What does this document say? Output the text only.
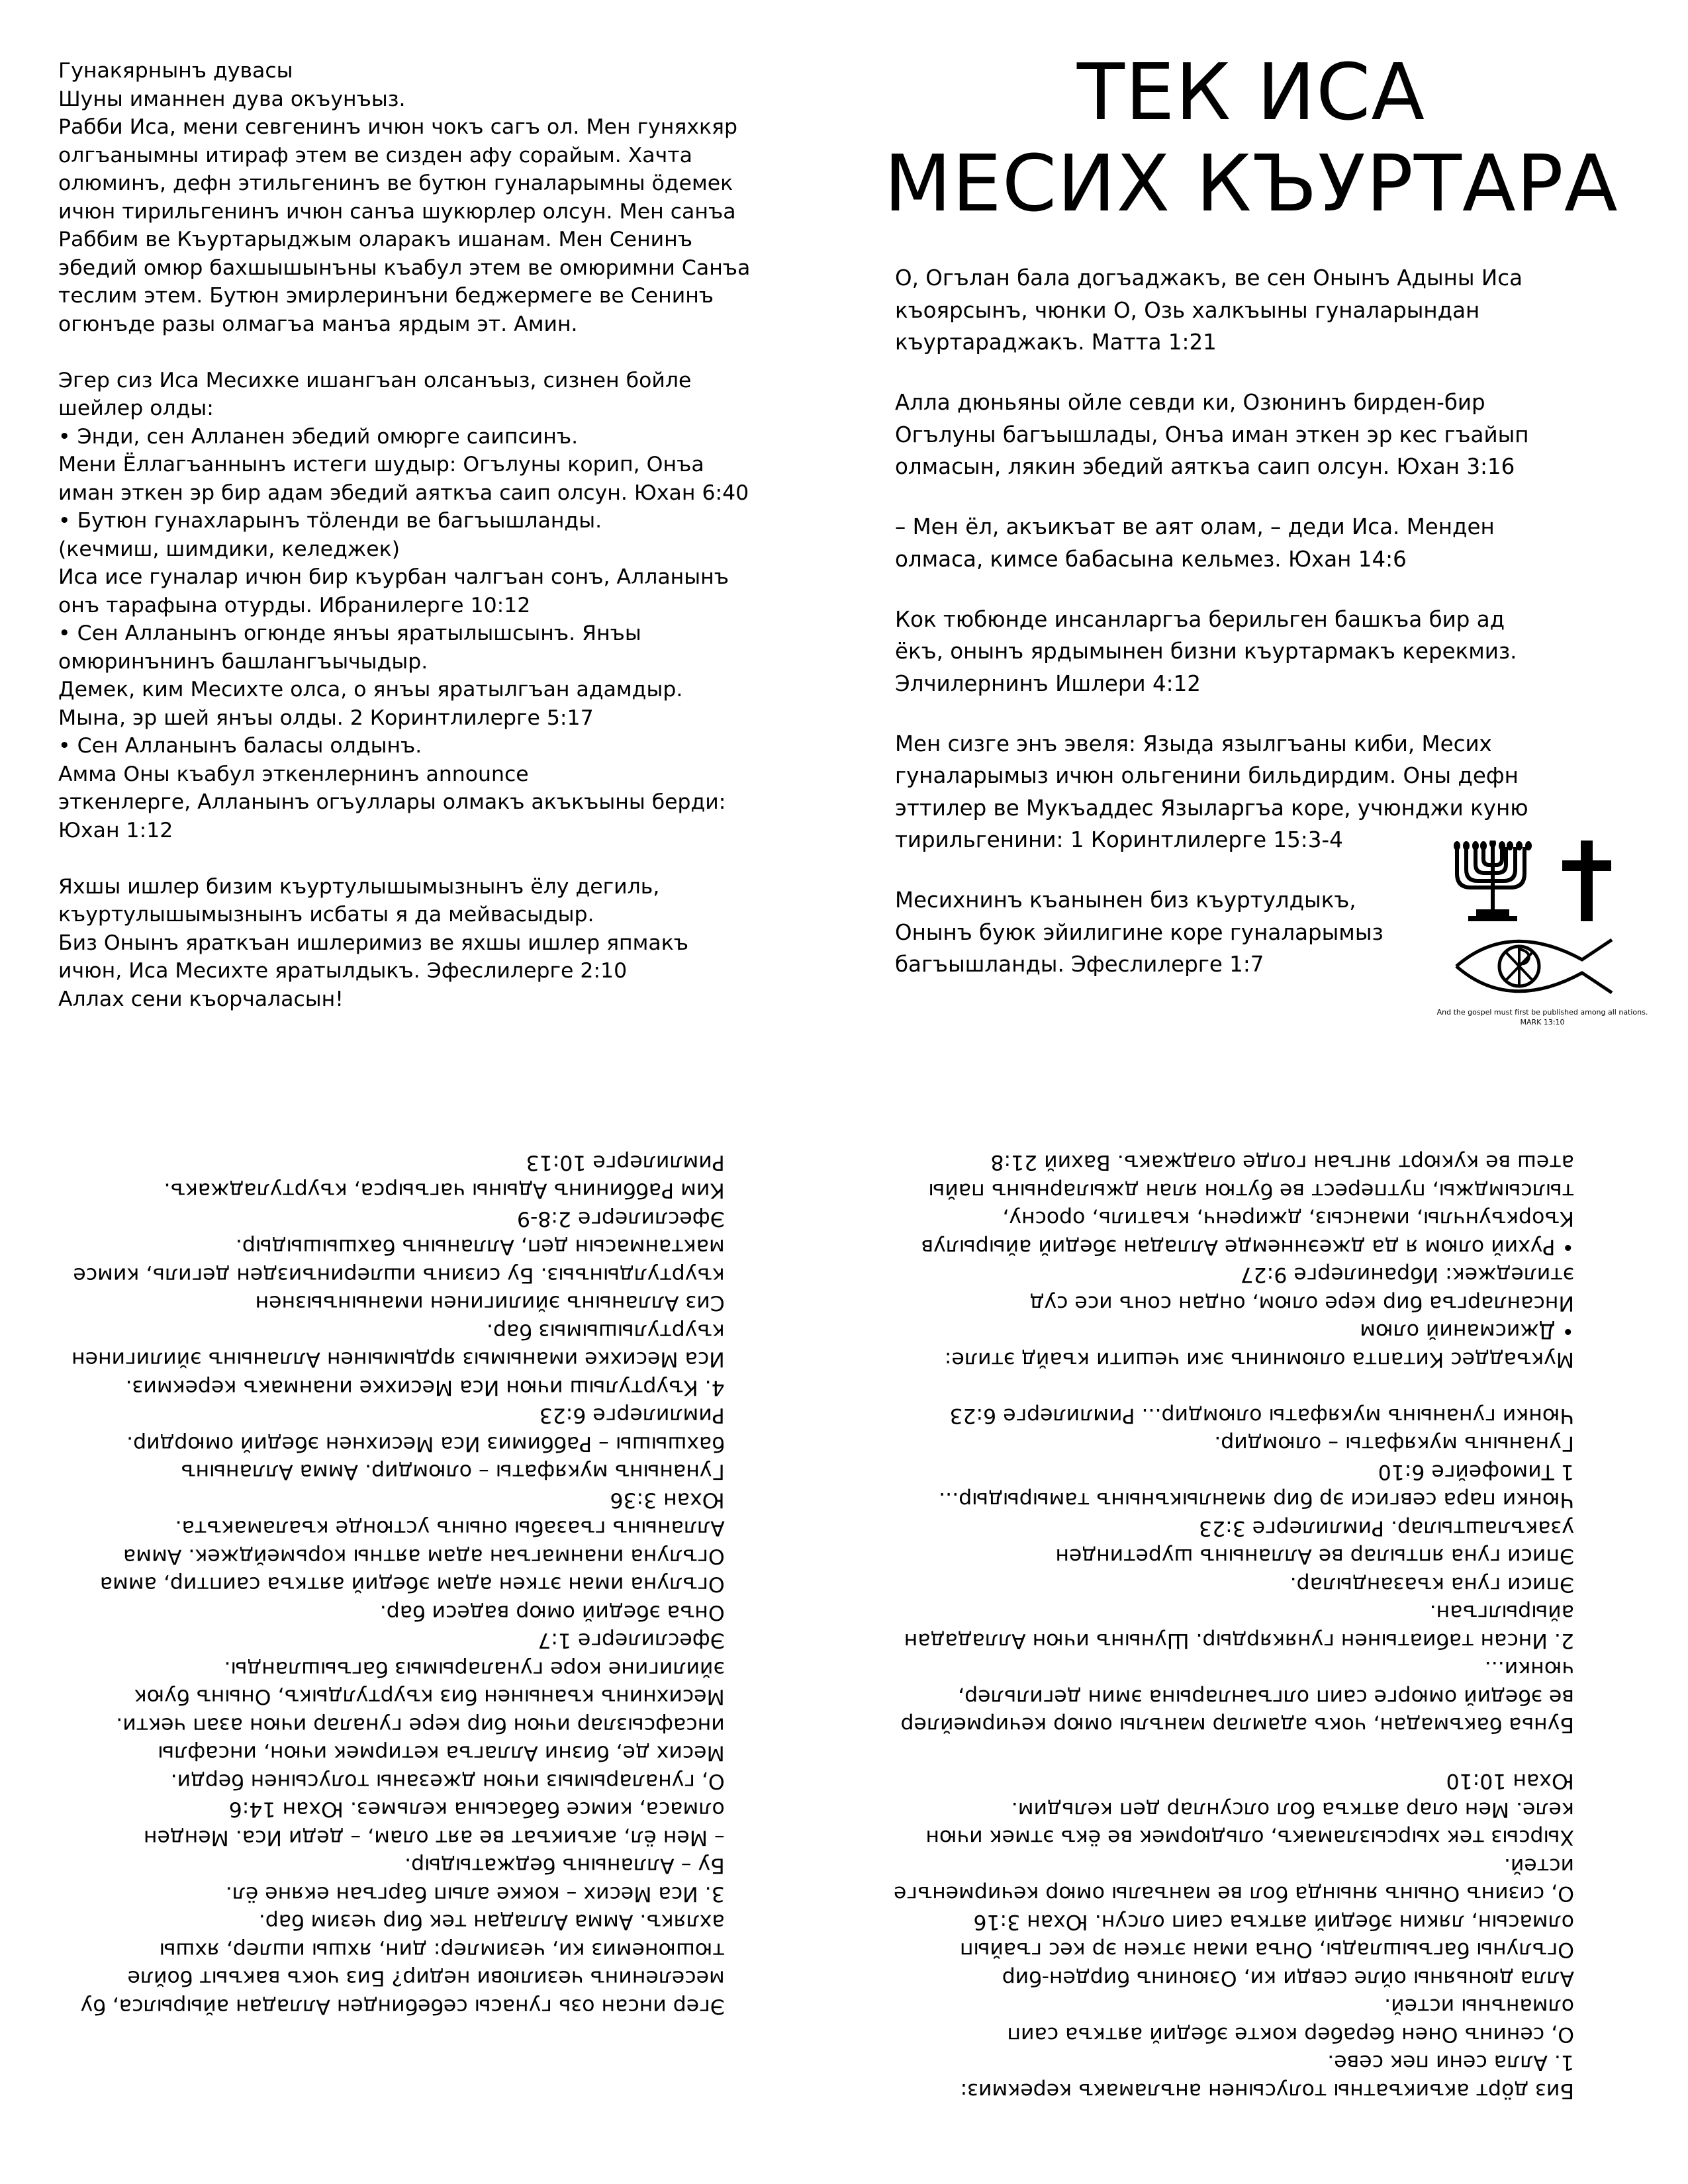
Гунакярнынъ дувасы

Шуны иманнен дува окъунъыз.

Рабби Иса, мени севгенинъ ичюн чокъ сагъ ол. Мен гуняхкяр

олгъанымны итираф этем ве сизден афу сорайым. Хачта

олюминъ, дефн этильгенинъ ве бутюн гуналарымны ӧдемек

ичюн тирильгенинъ ичюн санъа шукюрлер олсун. Мен санъа

Раббим ве Къуртарыджым оларакъ ишанам. Мен Сенинъ

эбедий омюр бахшышынъны къабул этем ве омюримни Санъа

теслим этем. Бутюн эмирлеринъни беджермеге ве Сенинъ

огюнъде разы олмагъа манъа ярдым эт. Амин.

Эгер сиз Иса Месихке ишангъан олсанъыз, сизнен бойле

шейлер олды:

• Энди, сен Алланен эбедий омюрге саипсинъ.

Мени Ёллагъаннынъ истеги шудыр: Огълуны корип, Онъа

иман эткен эр бир адам эбедий аяткъа саип олсун. Юхан 6:40

• Бутюн гунахларынъ тӧленди ве багъышланды.

(кечмиш, шимдики, келеджек)

Иса исе гуналар ичюн бир къурбан чалгъан сонъ, Алланынъ

онъ тарафына отурды. Ибранилерге 10:12

• Сен Алланынъ огюнде янъы яратылышсынъ. Янъы

омюринънинъ башлангъычыдыр.

Демек, ким Месихте олса, о янъы яратылгъан адамдыр.

Мына, эр шей янъы олды. 2 Коринтлилерге 5:17

• Сен Алланынъ баласы олдынъ.

Амма Оны къабул эткенлернинъ announce

эткенлерге, Алланынъ огъуллары олмакъ акъкъыны берди:

Юхан 1:12

Яхшы ишлер бизим къуртулышымызнынъ ёлу дегиль,

къуртулышымызнынъ исбаты я да мейвасыдыр.

Биз Онынъ яраткъан ишлеримиз ве яхшы ишлер япмакъ

ичюн, Иса Месихте яратылдыкъ. Эфеслилерге 2:10

Аллах сени къорчаласын!

ТЕК ИСА
МЕСИХ КЪУРТАРА

О, Огълан бала догъаджакъ, ве сен Онынъ Адыны Иса

къоярсынъ, чюнки О, Озь халкъыны гуналарындан

къуртараджакъ. Матта 1:21

Алла дюньяны ойле севди ки, Озюнинъ бирден-бир

Огълуны багъышлады, Онъа иман эткен эр кес гъайып

олмасын, лякин эбедий аяткъа саип олсун. Юхан 3:16

– Мен ёл, акъикъат ве аят олам, – деди Иса. Менден

олмаса, кимсе бабасына кельмез. Юхан 14:6

Кок тюбюнде инсанларгъа берильген башкъа бир ад

ёкъ, онынъ ярдымынен бизни къуртармакъ керекмиз.

Элчилернинъ Ишлери 4:12

Мен сизге энъ эвеля: Языда язылгъаны киби, Месих

гуналарымыз ичюн ольгенини бильдирдим. Оны дефн

эттилер ве Мукъаддес Языларгъа коре, учюнджи куню

тирильгенини: 1 Коринтлилерге 15:3-4

Месихнинъ къанынен биз къуртулдыкъ,

Онынъ буюк эйилигине коре гуналарымыз

багъышланды. Эфеслилерге 1:7

And the gospel must first be published among all nations. MARK 13:10

Эгер инсан озь гунасы себебинден Алладан айырылса, бу

меселенинъ чезилюви недир? Биз чокъ вакъыт бойле

тюшюнемиз ки, чезимлер: дин, яхшы ишлер, яхшы

ахлякъ. Амма Алладан тек бир чезим бар.

3. Иса Месих – кокке алып баргъан екяне ёл.

Бу – Алланынъ беджатыдыр.

– Мен ёл, акъикъат ве аят олам, – деди Иса. Менден

олмаса, кимсе бабасына кельмез. Юхан 14:6

О, гуналарымыз ичюн джезаны толусынен берди.

Месих де, бизни Аллагъа кетирмек ичюн, инсафлы

инсафсызлар ичюн бир кере гуналар ичюн азап чекти.

Месихнинъ къанынен биз къуртулдыкъ, Онынъ буюк

эйилигине коре гуналарымыз багъышланды.

Эфеслилерге 1:7

Онъа эбедий омюр вадеси бар.

Огълуна иман эткен адам эбедий аяткъа саиптир, амма

Огълуна инанмагъан адам аятны корьмейджек. Амма

Алланынъ гъазабы онынъ устюнде къаламакъта.

Юхан 3:36

Гунанынъ мукяфаты – олюмдир. Амма Алланынъ

бахшышы – Раббимиз Иса Месихнен эбедий омюрдир.

Римлилерге 6:23

4. Къуртулыш ичюн Иса Месихке инанмакъ керекмиз.

Иса Месихке иманымыз ярдымынен Алланынъ эйилигинен

къуртулышымыз бар.

Сиз Алланынъ эйилигинен иманынъызнен

къуртулдынъыз. Бу сизинъ ишлеринъизден дегиль, кимсе

мактанмасын деп, Алланынъ бахшышыдыр.

Эфеслилерге 2:8-9

Ким Раббининъ Адыны чагъырса, къуртуладжакъ.

Римлилерге 10:13

Биз дӧрт акъикъатны толусынен анъламакъ керекмиз:

1. Алла сени пек севе.

О, сенинъ Онен берабер кокте эбедий аяткъа саип

олманъны истей.

Алла дюньяны ойле севди ки, Озюнинъ бирден-бир

Огълуны багъышлады, Онъа иман эткен эр кес гъайып

олмасын, лякин эбедий аяткъа саип олсун. Юхан 3:16

О, сизинъ Онынъ янында бол ве манъалы омюр кечирменъге

истей.

Хырсыз тек хырсызламакъ, ольдюрмек ве ёкъ этмек ичюн

келе. Мен олар аяткъа бол олсунлар деп кельдим.

Юхан 10:10

Буньа бакъмадан, чокъ адамлар манълы омюр кечирмейлер

ве эбедий омюрге саип олгъанларына эмин дегильлер,

чюнки...

2. Инсан табиатынен гунякярдыр. Шунынъ ичюн Аллададан

айырылгъан.

Эписи гуна къазандылар.

Эписи гуна яптылар ве Алланынъ шуретинден

узакълаштылар. Римлилерге 3:23

Чюнки пара севгиси эр бир яманлыкънынъ тамырыдыр...

1 Тимофейге 6:10

Гунанынъ мукяфаты – олюмдир.

Чюнки гунанынъ мукяфаты олюмдир... Римлилерге 6:23

Мукъаддес Китапта олюмнинъ эки чешити къайд этиле:

• Джисманий олюм

Инсанларгъа бир кере олюм, ондан сонъ исе суд

этиледжек: Ибранилерге 9:27

• Рухий олюм я да джеэннемде Алладан эбедий айырылув

Къоркъунчлы, имансыз, джиренч, къатиль, оросну,

тылсымджы, путперест ве бутюн ялан джыларнынъ пайы

атеш ве кукюрт янгъан голде оладжакъ. Вахий 21:8
